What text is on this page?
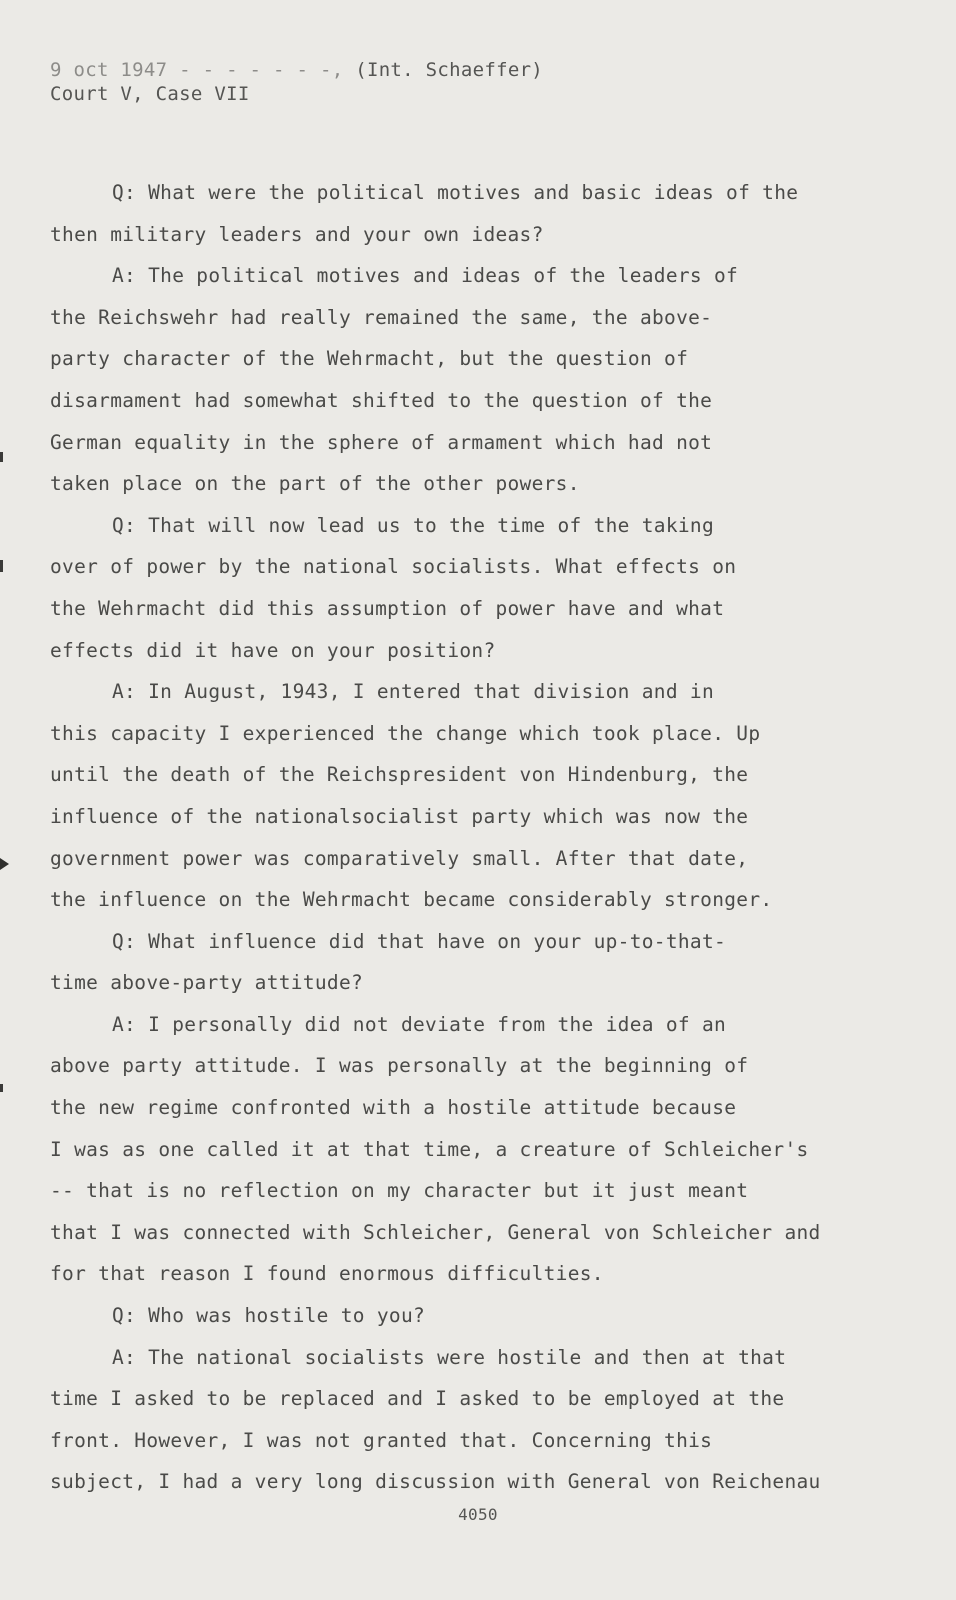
9 oct 1947 - - - - - - -, (Int. Schaeffer)
Court V, Case VII
Q: What were the political motives and basic ideas of the
then military leaders and your own ideas?
A: The political motives and ideas of the leaders of
the Reichswehr had really remained the same, the above-
party character of the Wehrmacht, but the question of
disarmament had somewhat shifted to the question of the
German equality in the sphere of armament which had not
taken place on the part of the other powers.
Q: That will now lead us to the time of the taking
over of power by the national socialists. What effects on
the Wehrmacht did this assumption of power have and what
effects did it have on your position?
A: In August, 1943, I entered that division and in
this capacity I experienced the change which took place. Up
until the death of the Reichspresident von Hindenburg, the
influence of the nationalsocialist party which was now the
government power was comparatively small. After that date,
the influence on the Wehrmacht became considerably stronger.
Q: What influence did that have on your up-to-that-
time above-party attitude?
A: I personally did not deviate from the idea of an
above party attitude. I was personally at the beginning of
the new regime confronted with a hostile attitude because
I was as one called it at that time, a creature of Schleicher's
-- that is no reflection on my character but it just meant
that I was connected with Schleicher, General von Schleicher and
for that reason I found enormous difficulties.
Q: Who was hostile to you?
A: The national socialists were hostile and then at that
time I asked to be replaced and I asked to be employed at the
front. However, I was not granted that. Concerning this
subject, I had a very long discussion with General von Reichenau
4050
